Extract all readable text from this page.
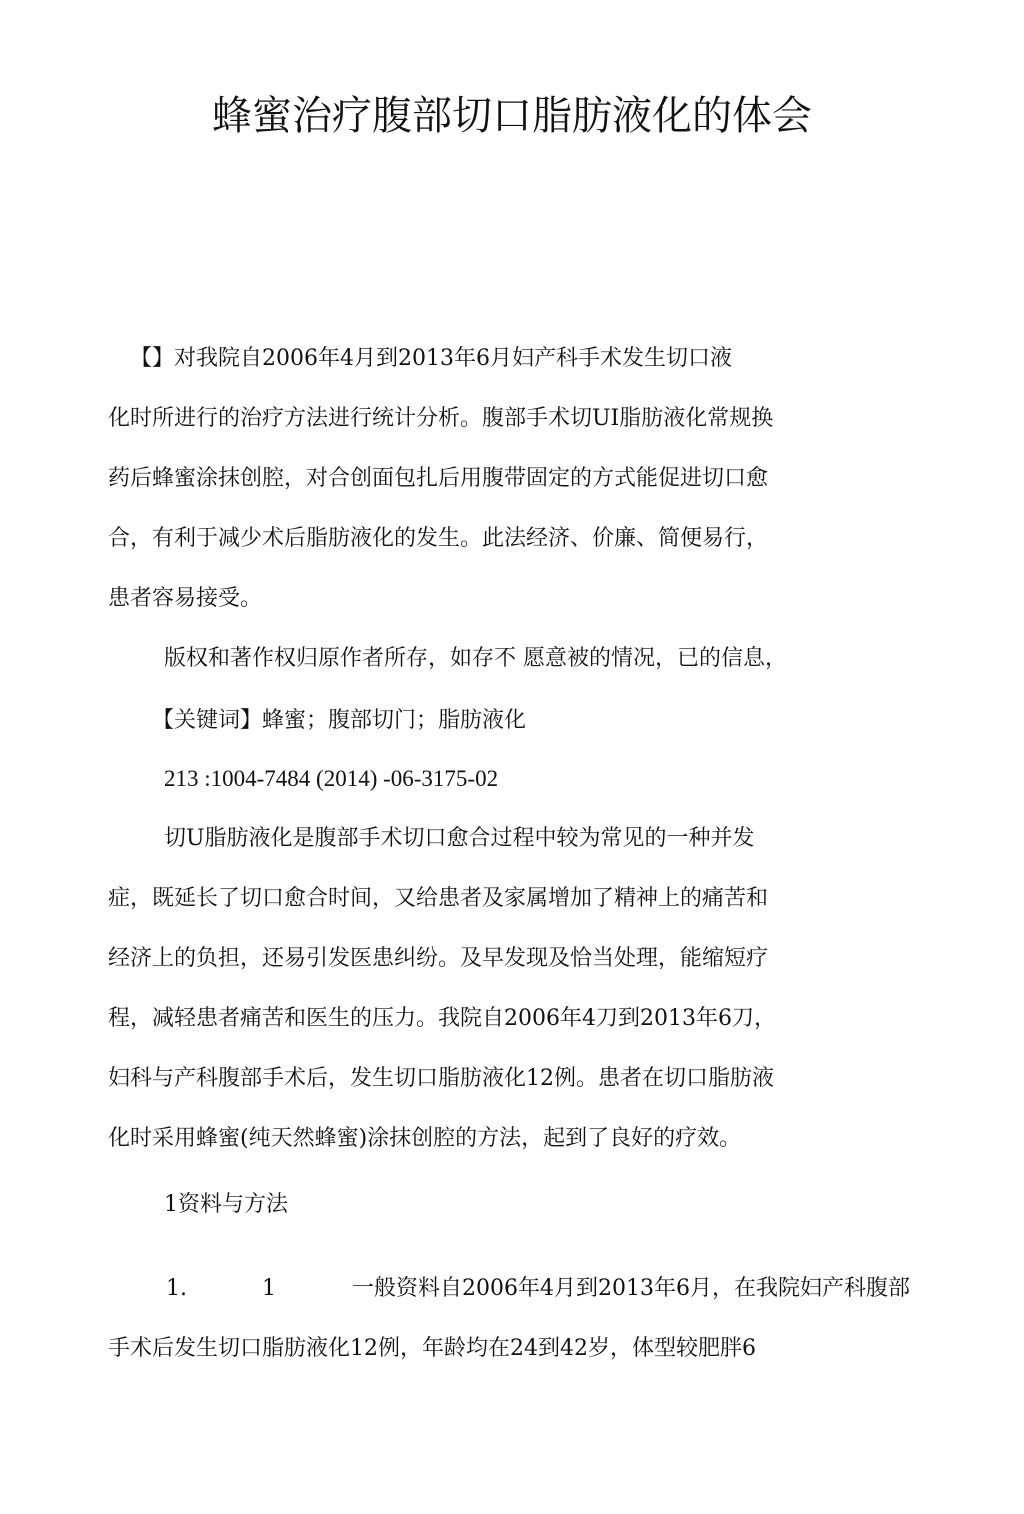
蜂蜜治疗腹部切口脂肪液化的体会

【】对我院自2006年4月到2013年6月妇产科手术发生切口液

化时所进行的治疗方法进行统计分析。腹部手术切UI脂肪液化常规换

药后蜂蜜涂抹创腔，对合创面包扎后用腹带固定的方式能促进切口愈

合，有利于减少术后脂肪液化的发生。此法经济、价廉、简便易行，

患者容易接受。

版权和著作权归原作者所存，如存不 愿意被的情况，已的信息，

【关键词】蜂蜜；腹部切门；脂肪液化

213 :1004-7484 (2014) -06-3175-02

切U脂肪液化是腹部手术切口愈合过程中较为常见的一种并发

症，既延长了切口愈合时间，又给患者及家属增加了精神上的痛苦和

经济上的负担，还易引发医患纠纷。及早发现及恰当处理，能缩短疗

程，减轻患者痛苦和医生的压力。我院自2006年4刀到2013年6刀，

妇科与产科腹部手术后，发生切口脂肪液化12例。患者在切口脂肪液

化时采用蜂蜜(纯天然蜂蜜)涂抹创腔的方法，起到了良好的疗效。

1资料与方法

1.	1	一般资料自2006年4月到2013年6月，在我院妇产科腹部

手术后发生切口脂肪液化12例，年龄均在24到42岁，体型较肥胖6
